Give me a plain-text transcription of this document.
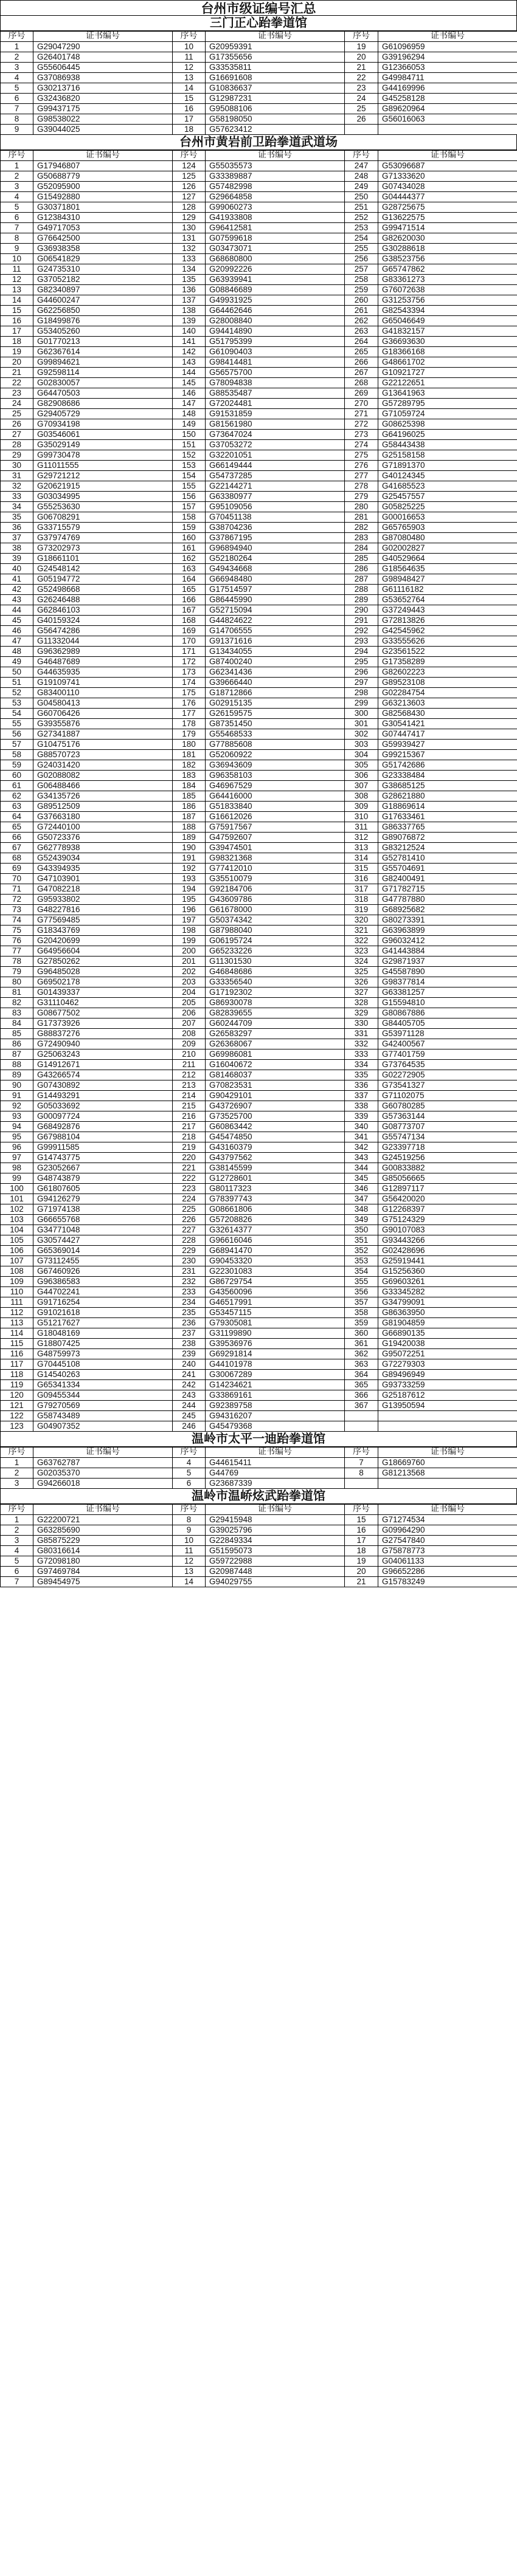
台州市级证编号汇总
三门正心跆拳道馆
序号	证书编号	序号	证书编号	序号	证书编号
1	G29047290	10	G20959391	19	G61096959
2	G26401748	11	G17355656	20	G39196294
3	G55606445	12	G33535811	21	G12366053
4	G37086938	13	G16691608	22	G49984711
5	G30213716	14	G10836637	23	G44169996
6	G32436820	15	G12987231	24	G45258128
7	G99437175	16	G95088106	25	G89620964
8	G98538022	17	G58198050	26	G56016063
9	G39044025	18	G57623412		
台州市黄岩前卫跆拳道武道场
序号	证书编号	序号	证书编号	序号	证书编号
1	G17946807	124	G55035573	247	G53096687
2	G50688779	125	G33389887	248	G71333620
3	G52095900	126	G57482998	249	G07434028
4	G15492880	127	G29664858	250	G04444377
5	G30371801	128	G99060273	251	G28725675
6	G12384310	129	G41933808	252	G13622575
7	G49717053	130	G96412581	253	G99471514
8	G76642500	131	G07599618	254	G82620030
9	G36938358	132	G03473071	255	G30288618
10	G06541829	133	G68680800	256	G38523756
11	G24735310	134	G20992226	257	G65747862
12	G37052182	135	G63939941	258	G83361273
13	G82340897	136	G08846689	259	G76072638
14	G44600247	137	G49931925	260	G31253756
15	G62256850	138	G64462646	261	G82543394
16	G18499876	139	G28008840	262	G65046649
17	G53405260	140	G94414890	263	G41832157
18	G01770213	141	G51795399	264	G36693630
19	G62367614	142	G61090403	265	G18366168
20	G99894621	143	G98414481	266	G48661702
21	G92598114	144	G56575700	267	G10921727
22	G02830057	145	G78094838	268	G22122651
23	G64470503	146	G88535487	269	G13641963
24	G82908686	147	G72024481	270	G57289795
25	G29405729	148	G91531859	271	G71059724
26	G70934198	149	G81561980	272	G08625398
27	G03546061	150	G73647024	273	G64196025
28	G35029149	151	G37053272	274	G58443438
29	G99730478	152	G32201051	275	G25158158
30	G11011555	153	G66149444	276	G71891370
31	G29721212	154	G54737285	277	G40124345
32	G20621915	155	G22144271	278	G41685523
33	G03034995	156	G63380977	279	G25457557
34	G55253630	157	G95109056	280	G05825225
35	G06708291	158	G70451138	281	G00016653
36	G33715579	159	G38704236	282	G65765903
37	G37974769	160	G37867195	283	G87080480
38	G73202973	161	G96894940	284	G02002827
39	G18661101	162	G52180264	285	G40529664
40	G24548142	163	G49434668	286	G18564635
41	G05194772	164	G66948480	287	G98948427
42	G52498668	165	G17514597	288	G61116182
43	G26246488	166	G86445990	289	G53652764
44	G62846103	167	G52715094	290	G37249443
45	G40159324	168	G44824622	291	G72813826
46	G56474286	169	G14706555	292	G42545962
47	G11332044	170	G91371616	293	G33555626
48	G96362989	171	G13434055	294	G23561522
49	G46487689	172	G87400240	295	G17358289
50	G44635935	173	G62341436	296	G82602223
51	G19109741	174	G39666440	297	G89523108
52	G83400110	175	G18712866	298	G02284754
53	G04580413	176	G02915135	299	G63213603
54	G60706426	177	G26159575	300	G82568430
55	G39355876	178	G87351450	301	G30541421
56	G27341887	179	G55468533	302	G07447417
57	G10475176	180	G77885608	303	G59939427
58	G88570723	181	G52060922	304	G99215367
59	G24031420	182	G36943609	305	G51742686
60	G02088082	183	G96358103	306	G23338484
61	G06488466	184	G46967529	307	G38685125
62	G34135726	185	G64416000	308	G28621880
63	G89512509	186	G51833840	309	G18869614
64	G37663180	187	G16612026	310	G17633461
65	G72440100	188	G75917567	311	G86337765
66	G50723376	189	G47592607	312	G89076872
67	G62778938	190	G39474501	313	G83212524
68	G52439034	191	G98321368	314	G52781410
69	G43394935	192	G77412010	315	G55704691
70	G47103901	193	G35510079	316	G82400491
71	G47082218	194	G92184706	317	G71782715
72	G95933802	195	G43609786	318	G47787880
73	G48227816	196	G61678000	319	G68925682
74	G77569485	197	G50374342	320	G80273391
75	G18343769	198	G87988040	321	G63963899
76	G20420699	199	G06195724	322	G96032412
77	G64956604	200	G65233226	323	G41443884
78	G27850262	201	G11301530	324	G29871937
79	G96485028	202	G46848686	325	G45587890
80	G69502178	203	G33356540	326	G98377814
81	G01439337	204	G17192302	327	G63381257
82	G31110462	205	G86930078	328	G15594810
83	G08677502	206	G82839655	329	G80867886
84	G17373926	207	G60244709	330	G84405705
85	G88837276	208	G26583297	331	G53971128
86	G72490940	209	G26368067	332	G42400567
87	G25063243	210	G69986081	333	G77401759
88	G14912671	211	G16040672	334	G73764535
89	G43266574	212	G81468037	335	G02272905
90	G07430892	213	G70823531	336	G73541327
91	G14493291	214	G90429101	337	G71102075
92	G05033692	215	G43726907	338	G60780285
93	G00097724	216	G73525700	339	G57363144
94	G68492876	217	G60863442	340	G08773707
95	G67988104	218	G45474850	341	G55747134
96	G99911585	219	G43160379	342	G23397718
97	G14743775	220	G43797562	343	G24519256
98	G23052667	221	G38145599	344	G00833882
99	G48743879	222	G12728601	345	G85056665
100	G61807605	223	G80117323	346	G12897117
101	G94126279	224	G78397743	347	G56420020
102	G71974138	225	G08661806	348	G12268397
103	G66655768	226	G57208826	349	G75124329
104	G34771048	227	G32614377	350	G90107083
105	G30574427	228	G96616046	351	G93443266
106	G65369014	229	G68941470	352	G02428696
107	G73112455	230	G90453320	353	G25919441
108	G67460926	231	G22301083	354	G15256360
109	G96386583	232	G86729754	355	G69603261
110	G44702241	233	G43560096	356	G33345282
111	G91716254	234	G46517991	357	G34799091
112	G91021618	235	G53457115	358	G86363950
113	G51217627	236	G79305081	359	G81904859
114	G18048169	237	G31199890	360	G66890135
115	G18807425	238	G39536976	361	G19420038
116	G48759973	239	G69291814	362	G95072251
117	G70445108	240	G44101978	363	G72279303
118	G14540263	241	G30067289	364	G89496949
119	G65341334	242	G14234621	365	G93733259
120	G09455344	243	G33869161	366	G25187612
121	G79270569	244	G92389758	367	G13950594
122	G58743489	245	G94316207		
123	G04907352	246	G45479368		
温岭市太平一迪跆拳道馆
序号	证书编号	序号	证书编号	序号	证书编号
1	G63762787	4	G44615411	7	G18669760
2	G02035370	5	G44769	8	G81213568
3	G94266018	6	G23687339		
温岭市温峤炫武跆拳道馆
序号	证书编号	序号	证书编号	序号	证书编号
1	G22200721	8	G29415948	15	G71274534
2	G63285690	9	G39025796	16	G09964290
3	G85875229	10	G22849334	17	G27547840
4	G80316614	11	G51595073	18	G75878773
5	G72098180	12	G59722988	19	G04061133
6	G97469784	13	G20987448	20	G96652286
7	G89454975	14	G94029755	21	G15783249
